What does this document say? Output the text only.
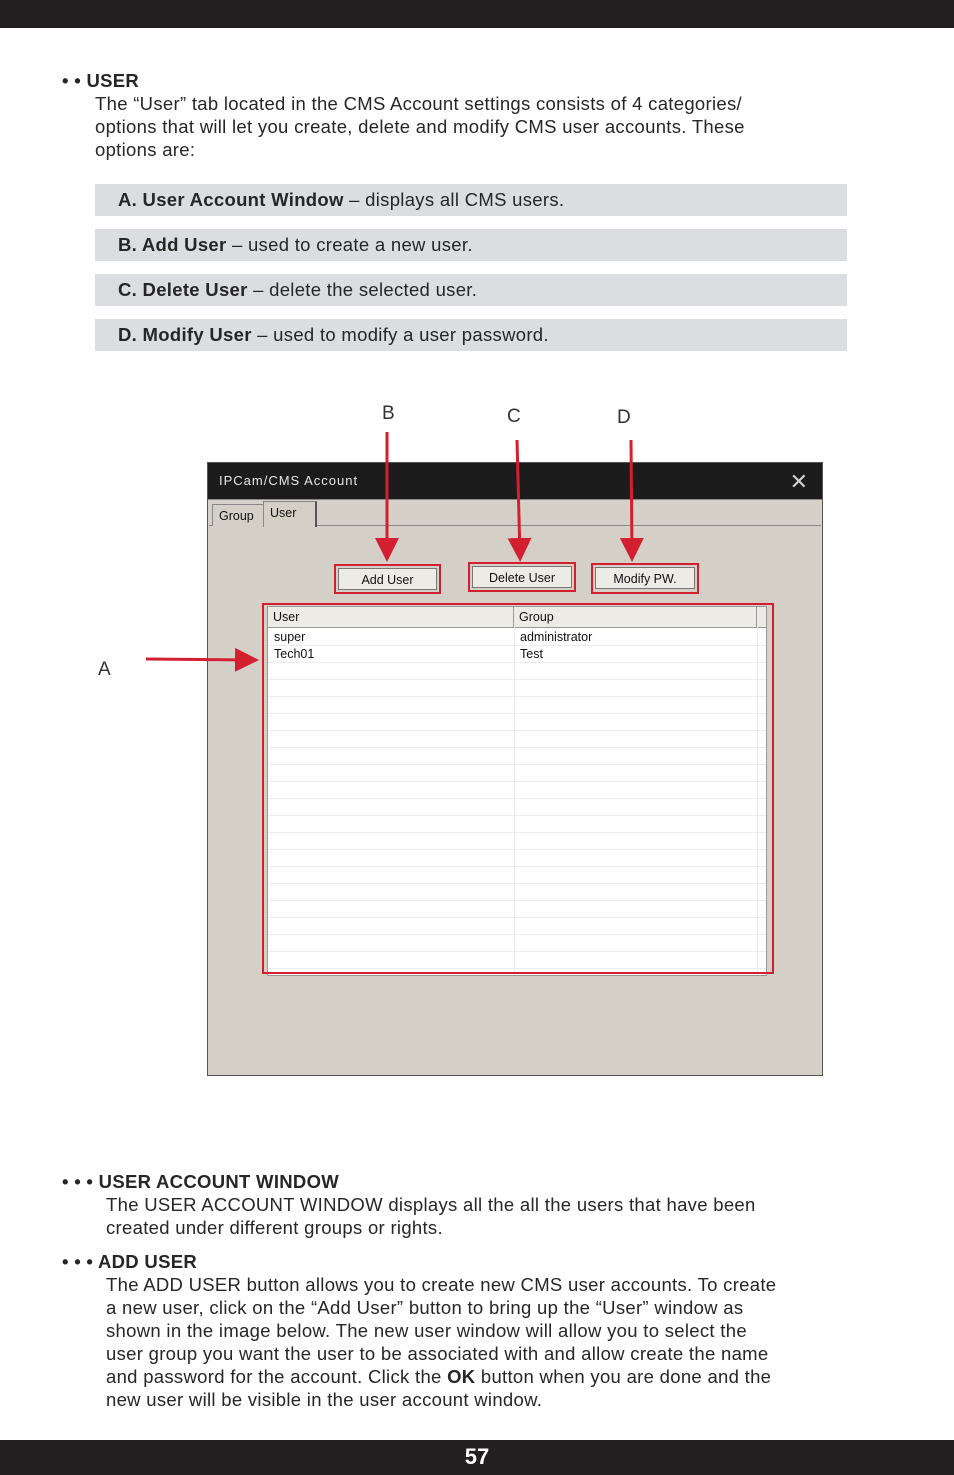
• • USER
The “User” tab located in the CMS Account settings consists of 4 categories/
options that will let you create, delete and modify CMS user accounts. These
options are:
A. User Account Window – displays all CMS users.
B. Add User – used to create a new user.
C. Delete User – delete the selected user.
D. Modify User – used to modify a user password.
B	C	D
A
IPCam/CMS Account	✕
Group	User
Add User	Delete User	Modify PW.
User	Group
super	administrator
Tech01	Test
• • • USER ACCOUNT WINDOW
The USER ACCOUNT WINDOW displays all the all the users that have been
created under different groups or rights.
• • • ADD USER
The ADD USER button allows you to create new CMS user accounts. To create
a new user, click on the “Add User” button to bring up the “User” window as
shown in the image below. The new user window will allow you to select the
user group you want the user to be associated with and allow create the name
and password for the account. Click the OK button when you are done and the
new user will be visible in the user account window.
57
